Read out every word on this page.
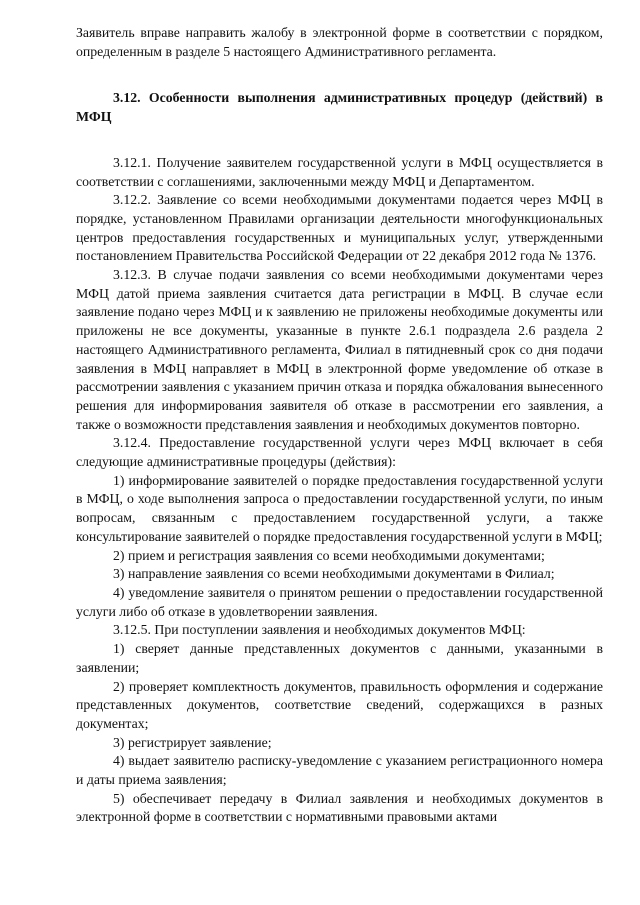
Заявитель вправе направить жалобу в электронной форме в соответствии с порядком, определенным в разделе 5 настоящего Административного регламента.

3.12. Особенности выполнения административных процедур (действий) в МФЦ

3.12.1. Получение заявителем государственной услуги в МФЦ осуществляется в соответствии с соглашениями, заключенными между МФЦ и Департаментом.

3.12.2. Заявление со всеми необходимыми документами подается через МФЦ в порядке, установленном Правилами организации деятельности многофункциональных центров предоставления государственных и муниципальных услуг, утвержденными постановлением Правительства Российской Федерации от 22 декабря 2012 года № 1376.

3.12.3. В случае подачи заявления со всеми необходимыми документами через МФЦ датой приема заявления считается дата регистрации в МФЦ. В случае если заявление подано через МФЦ и к заявлению не приложены необходимые документы или приложены не все документы, указанные в пункте 2.6.1 подраздела 2.6 раздела 2 настоящего Административного регламента, Филиал в пятидневный срок со дня подачи заявления в МФЦ направляет в МФЦ в электронной форме уведомление об отказе в рассмотрении заявления с указанием причин отказа и порядка обжалования вынесенного решения для информирования заявителя об отказе в рассмотрении его заявления, а также о возможности представления заявления и необходимых документов повторно.

3.12.4. Предоставление государственной услуги через МФЦ включает в себя следующие административные процедуры (действия):

1) информирование заявителей о порядке предоставления государственной услуги в МФЦ, о ходе выполнения запроса о предоставлении государственной услуги, по иным вопросам, связанным с предоставлением государственной услуги, а также консультирование заявителей о порядке предоставления государственной услуги в МФЦ;

2) прием и регистрация заявления со всеми необходимыми документами;

3) направление заявления со всеми необходимыми документами в Филиал;

4) уведомление заявителя о принятом решении о предоставлении государственной услуги либо об отказе в удовлетворении заявления.

3.12.5. При поступлении заявления и необходимых документов МФЦ:

1) сверяет данные представленных документов с данными, указанными в заявлении;

2) проверяет комплектность документов, правильность оформления и содержание представленных документов, соответствие сведений, содержащихся в разных документах;

3) регистрирует заявление;

4) выдает заявителю расписку-уведомление с указанием регистрационного номера и даты приема заявления;

5) обеспечивает передачу в Филиал заявления и необходимых документов в электронной форме в соответствии с нормативными правовыми актами
